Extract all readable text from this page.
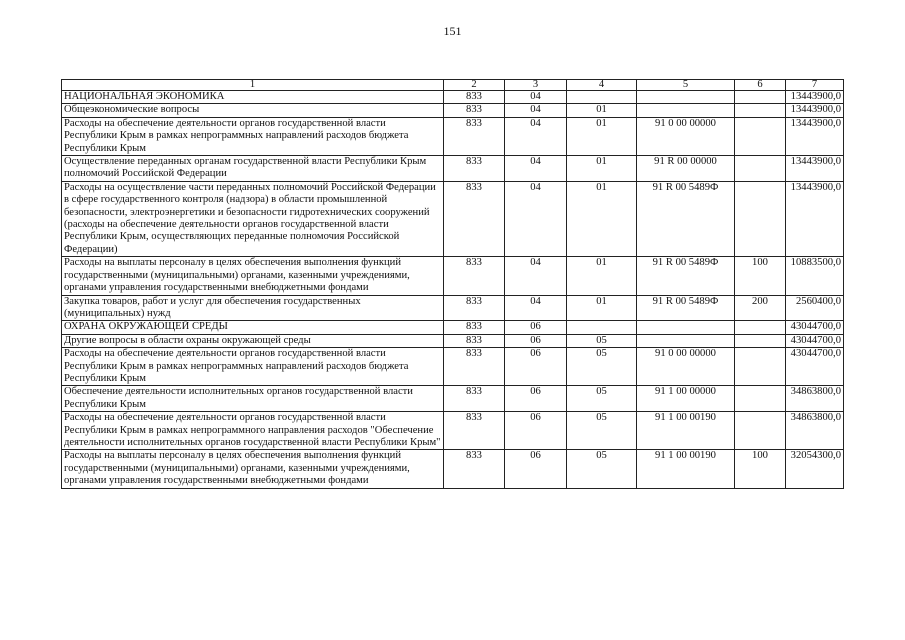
151
1	2	3	4	5	6	7
НАЦИОНАЛЬНАЯ ЭКОНОМИКА	833	04				13443900,0
Общеэкономические вопросы	833	04	01			13443900,0
Расходы на обеспечение деятельности органов государственной власти Республики Крым в рамках непрограммных направлений расходов бюджета Республики Крым	833	04	01	91 0 00 00000		13443900,0
Осуществление переданных органам государственной власти Республики Крым полномочий Российской Федерации	833	04	01	91 R 00 00000		13443900,0
Расходы на осуществление части переданных полномочий Российской Федерации в сфере государственного контроля (надзора) в области промышленной безопасности, электроэнергетики и безопасности гидротехнических сооружений (расходы на обеспечение деятельности органов государственной власти Республики Крым, осуществляющих переданные полномочия Российской Федерации)	833	04	01	91 R 00 5489Ф		13443900,0
Расходы на выплаты персоналу в целях обеспечения выполнения функций государственными (муниципальными) органами, казенными учреждениями, органами управления государственными внебюджетными фондами	833	04	01	91 R 00 5489Ф	100	10883500,0
Закупка товаров, работ и услуг для обеспечения государственных (муниципальных) нужд	833	04	01	91 R 00 5489Ф	200	2560400,0
ОХРАНА ОКРУЖАЮЩЕЙ СРЕДЫ	833	06				43044700,0
Другие вопросы в области охраны окружающей среды	833	06	05			43044700,0
Расходы на обеспечение деятельности органов государственной власти Республики Крым в рамках непрограммных направлений расходов бюджета Республики Крым	833	06	05	91 0 00 00000		43044700,0
Обеспечение деятельности исполнительных органов государственной власти Республики Крым	833	06	05	91 1 00 00000		34863800,0
Расходы на обеспечение деятельности органов государственной власти Республики Крым в рамках непрограммного направления расходов "Обеспечение деятельности исполнительных органов государственной власти Республики Крым"	833	06	05	91 1 00 00190		34863800,0
Расходы на выплаты персоналу в целях обеспечения выполнения функций государственными (муниципальными) органами, казенными учреждениями, органами управления государственными внебюджетными фондами	833	06	05	91 1 00 00190	100	32054300,0
